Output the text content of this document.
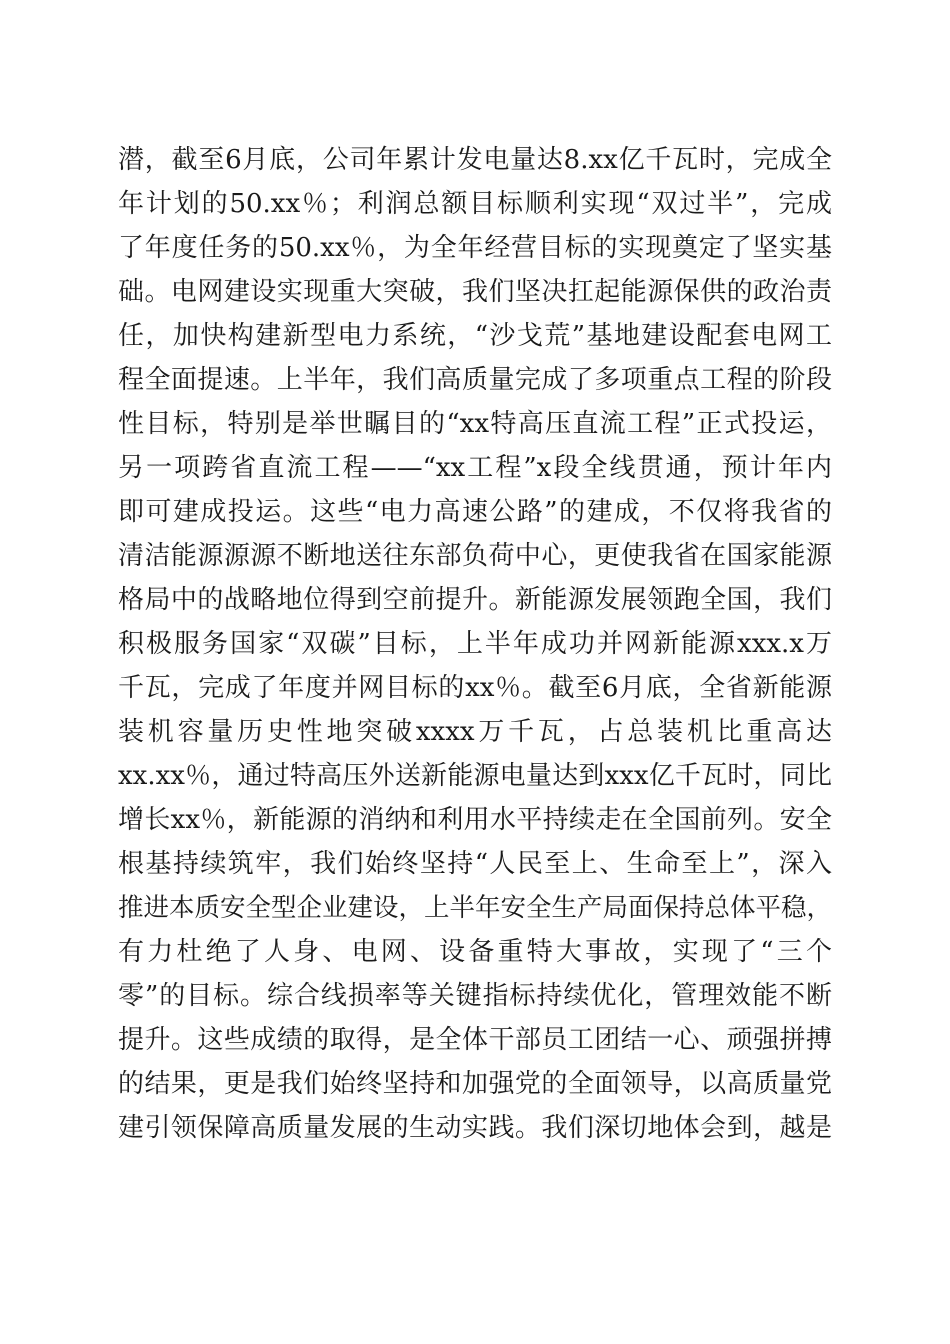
潜，截至6月底，公司年累计发电量达8.xx亿千瓦时，完成全
年计划的50.xx％；利润总额目标顺利实现“双过半”，完成
了年度任务的50.xx％，为全年经营目标的实现奠定了坚实基
础。电网建设实现重大突破，我们坚决扛起能源保供的政治责
任，加快构建新型电力系统，“沙戈荒”基地建设配套电网工
程全面提速。上半年，我们高质量完成了多项重点工程的阶段
性目标，特别是举世瞩目的“xx特高压直流工程”正式投运，
另一项跨省直流工程——“xx工程”x段全线贯通，预计年内
即可建成投运。这些“电力高速公路”的建成，不仅将我省的
清洁能源源源不断地送往东部负荷中心，更使我省在国家能源
格局中的战略地位得到空前提升。新能源发展领跑全国，我们
积极服务国家“双碳”目标，上半年成功并网新能源xxx.x万
千瓦，完成了年度并网目标的xx％。截至6月底，全省新能源
装机容量历史性地突破xxxx万千瓦，占总装机比重高达
xx.xx％，通过特高压外送新能源电量达到xxx亿千瓦时，同比
增长xx％，新能源的消纳和利用水平持续走在全国前列。安全
根基持续筑牢，我们始终坚持“人民至上、生命至上”，深入
推进本质安全型企业建设，上半年安全生产局面保持总体平稳，
有力杜绝了人身、电网、设备重特大事故，实现了“三个
零”的目标。综合线损率等关键指标持续优化，管理效能不断
提升。这些成绩的取得，是全体干部员工团结一心、顽强拼搏
的结果，更是我们始终坚持和加强党的全面领导，以高质量党
建引领保障高质量发展的生动实践。我们深切地体会到，越是
